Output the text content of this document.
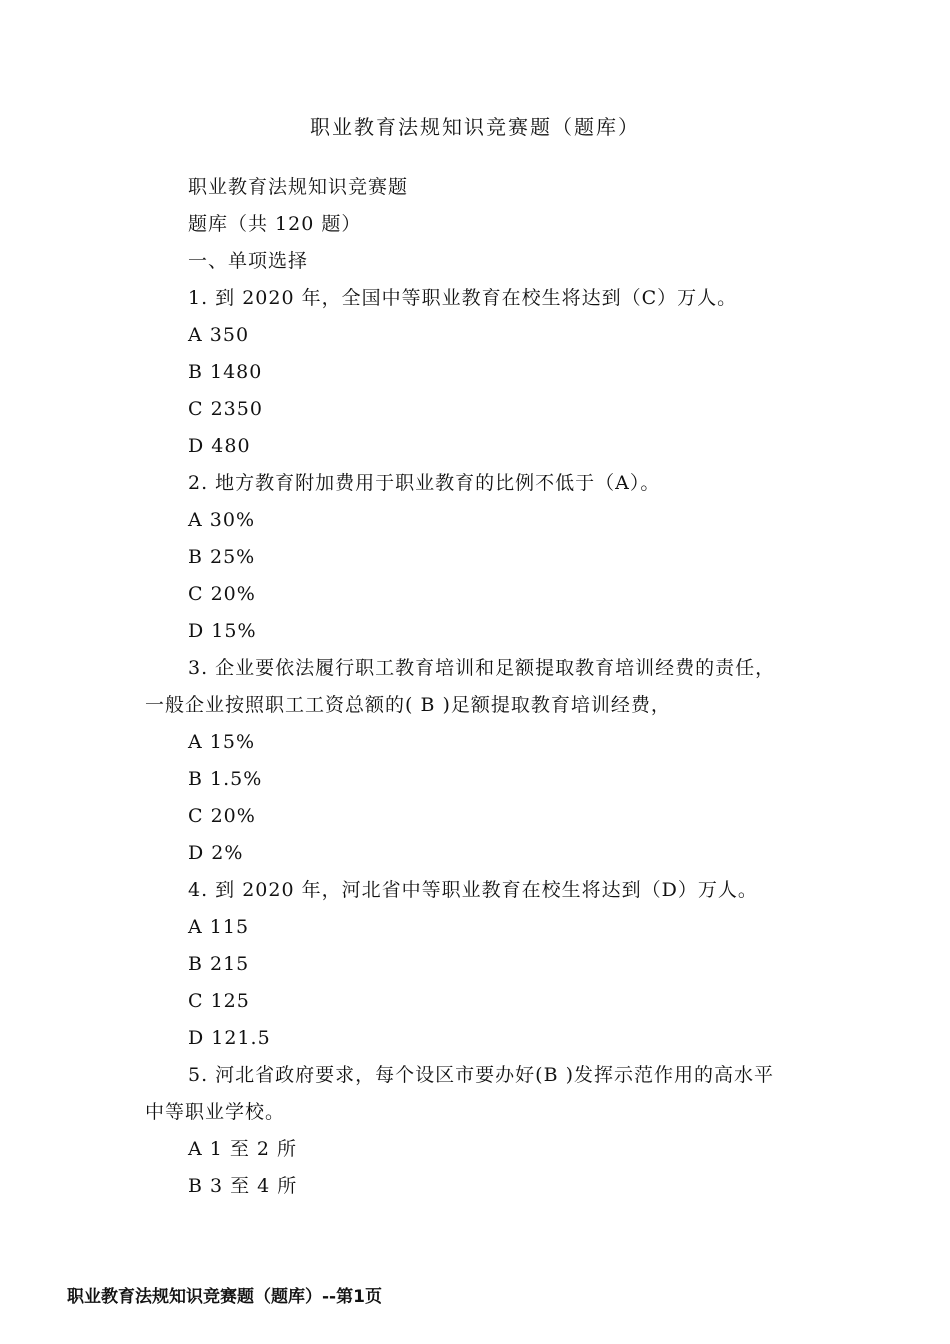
职业教育法规知识竞赛题（题库）
职业教育法规知识竞赛题
题库（共 120 题）
一、单项选择
1. 到 2020 年，全国中等职业教育在校生将达到（C）万人。
A 350
B 1480
C 2350
D 480
2. 地方教育附加费用于职业教育的比例不低于（A）。
A 30%
B 25%
C 20%
D 15%
3. 企业要依法履行职工教育培训和足额提取教育培训经费的责任，
一般企业按照职工工资总额的( B )足额提取教育培训经费，
A 15%
B 1.5%
C 20%
D 2%
4. 到 2020 年，河北省中等职业教育在校生将达到（D）万人。
A 115
B 215
C 125
D 121.5
5. 河北省政府要求，每个设区市要办好(B )发挥示范作用的高水平
中等职业学校。
A 1 至 2 所
B 3 至 4 所
职业教育法规知识竞赛题（题库）--第1页
